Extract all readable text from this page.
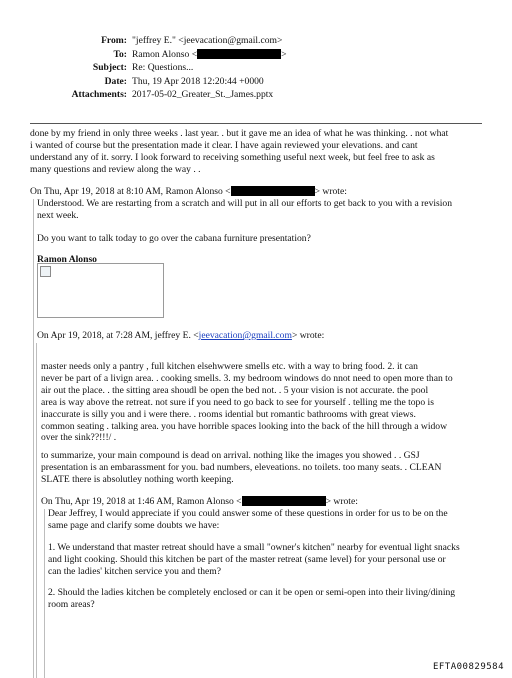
From: "jeffrey E." <jeevacation@gmail.com>
To: Ramon Alonso <	>
Subject: Re: Questions...
Date: Thu, 19 Apr 2018 12:20:44 +0000
Attachments: 2017-05-02_Greater_St._James.pptx
done by my friend in only three weeks . last year. . but it gave me an idea of what he was thinking. . not what
i wanted of course but the presentation made it clear. I have again reviewed your elevations. and cant
understand any of it. sorry. I look forward to receiving something useful next week, but feel free to ask as
many questions and review along the way . .
On Thu, Apr 19, 2018 at 8:10 AM, Ramon Alonso <	> wrote:
Understood. We are restarting from a scratch and will put in all our efforts to get back to you with a revision
next week.
Do you want to talk today to go over the cabana furniture presentation?
Ramon Alonso
On Apr 19, 2018, at 7:28 AM, jeffrey E. <jeevacation@gmail.com> wrote:
master needs only a pantry , full kitchen elsehwwere smells etc. with a way to bring food. 2. it can
never be part of a livign area. . cooking smells. 3. my bedroom windows do nnot need to open more than to
air out the place. . the sitting area shoudl be open the bed not. . 5 your vision is not accurate. the pool
area is way above the retreat. not sure if you need to go back to see for yourself . telling me the topo is
inaccurate is silly you and i were there. . rooms idential but romantic bathrooms with great views.
common seating . talking area. you have horrible spaces looking into the back of the hill through a widow
over the sink??!!!/ .
to summarize, your main compound is dead on arrival. nothing like the images you showed . . GSJ
presentation is an embarassment for you. bad numbers, eleveations. no toilets. too many seats. . CLEAN
SLATE there is absolutley nothing worth keeping.
On Thu, Apr 19, 2018 at 1:46 AM, Ramon Alonso <	> wrote:
Dear Jeffrey, I would appreciate if you could answer some of these questions in order for us to be on the
same page and clarify some doubts we have:
1. We understand that master retreat should have a small "owner's kitchen" nearby for eventual light snacks
and light cooking. Should this kitchen be part of the master retreat (same level) for your personal use or
can the ladies' kitchen service you and them?
2. Should the ladies kitchen be completely enclosed or can it be open or semi-open into their living/dining
room areas?
EFTA00829584
